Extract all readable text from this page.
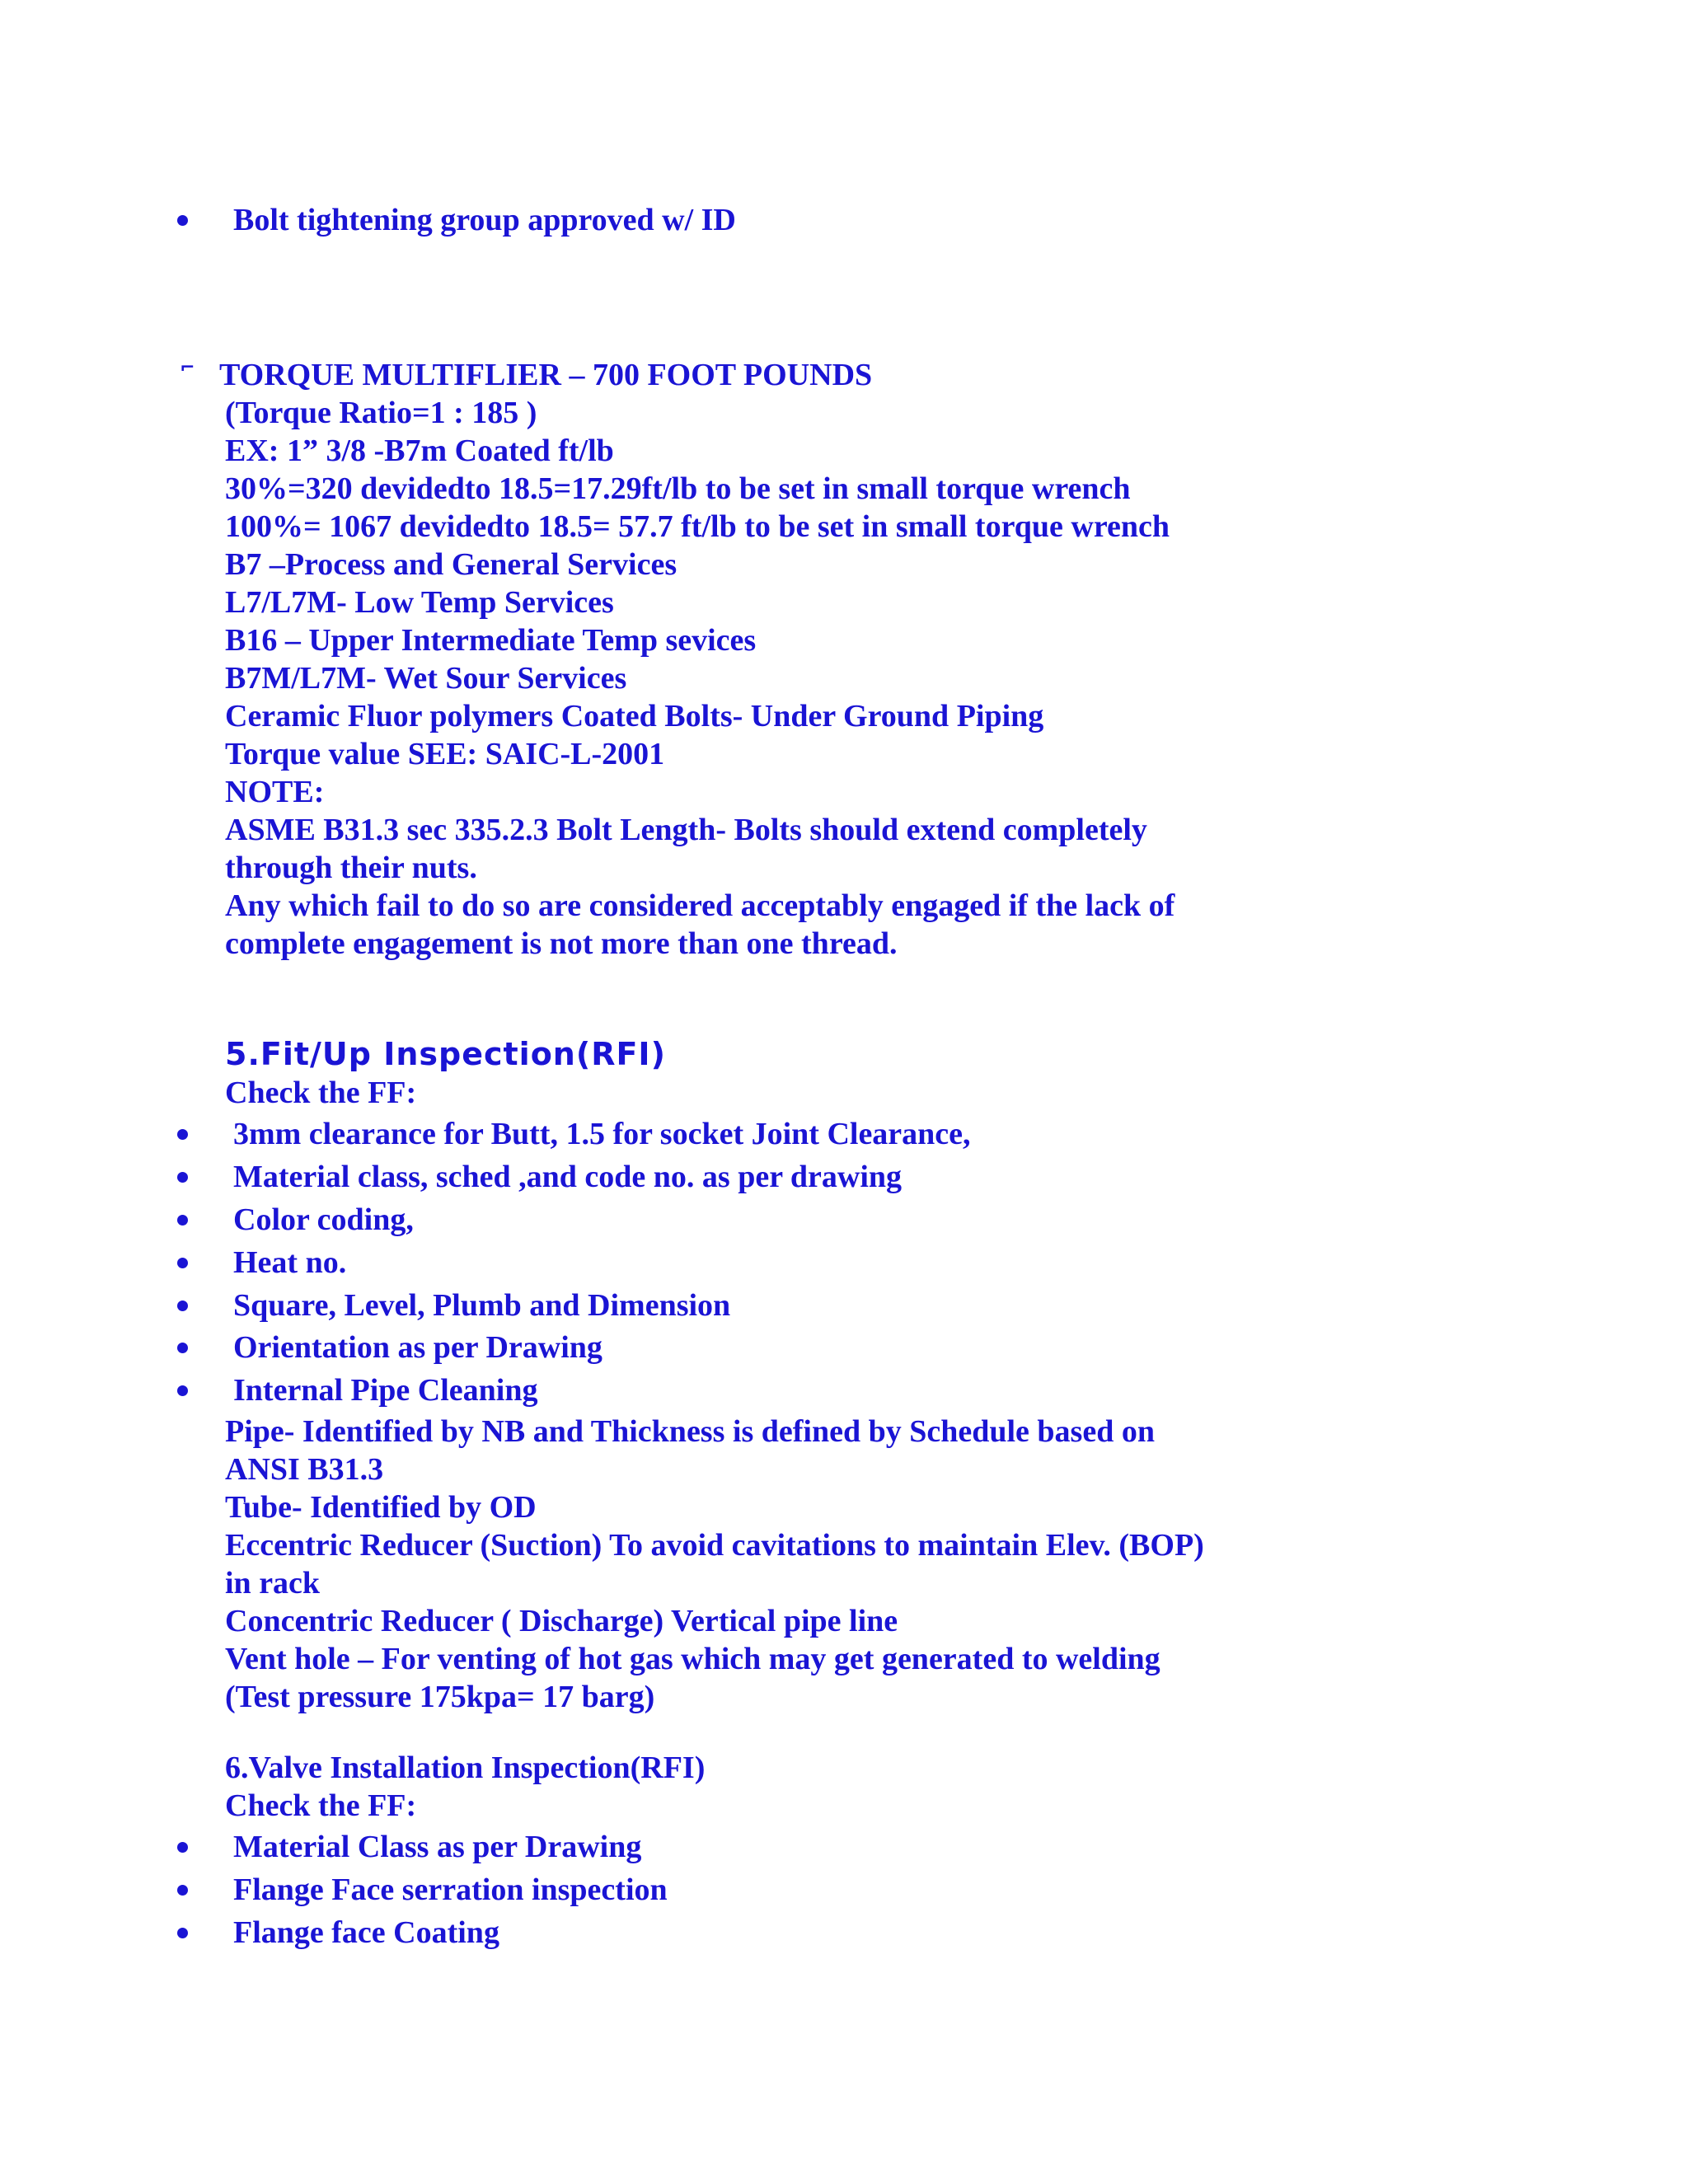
Bolt tightening group approved w/ ID
⌐ TORQUE MULTIFLIER – 700 FOOT POUNDS
(Torque Ratio=1 : 185 )
EX: 1” 3/8 -B7m Coated ft/lb
30%=320 devidedto 18.5=17.29ft/lb to be set in small torque wrench
100%= 1067 devidedto 18.5= 57.7 ft/lb to be set in small torque wrench
B7 –Process and General Services
L7/L7M- Low Temp Services
B16 – Upper Intermediate Temp sevices
B7M/L7M- Wet Sour Services
Ceramic Fluor polymers Coated Bolts- Under Ground Piping
Torque value SEE: SAIC-L-2001
NOTE:
ASME B31.3 sec 335.2.3 Bolt Length- Bolts should extend completely
through their nuts.
Any which fail to do so are considered acceptably engaged if the lack of
complete engagement is not more than one thread.
5.Fit/Up Inspection(RFI)
Check the FF:
3mm clearance for Butt, 1.5 for socket Joint Clearance,
Material class, sched ,and code no. as per drawing
Color coding,
Heat no.
Square, Level, Plumb and Dimension
Orientation as per Drawing
Internal Pipe Cleaning
Pipe- Identified by NB and Thickness is defined by Schedule based on
ANSI B31.3
Tube- Identified by OD
Eccentric Reducer (Suction) To avoid cavitations to maintain Elev. (BOP)
in rack
Concentric Reducer ( Discharge) Vertical pipe line
Vent hole – For venting of hot gas which may get generated to welding
(Test pressure 175kpa= 17 barg)
6.Valve Installation Inspection(RFI)
Check the FF:
Material Class as per Drawing
Flange Face serration inspection
Flange face Coating
